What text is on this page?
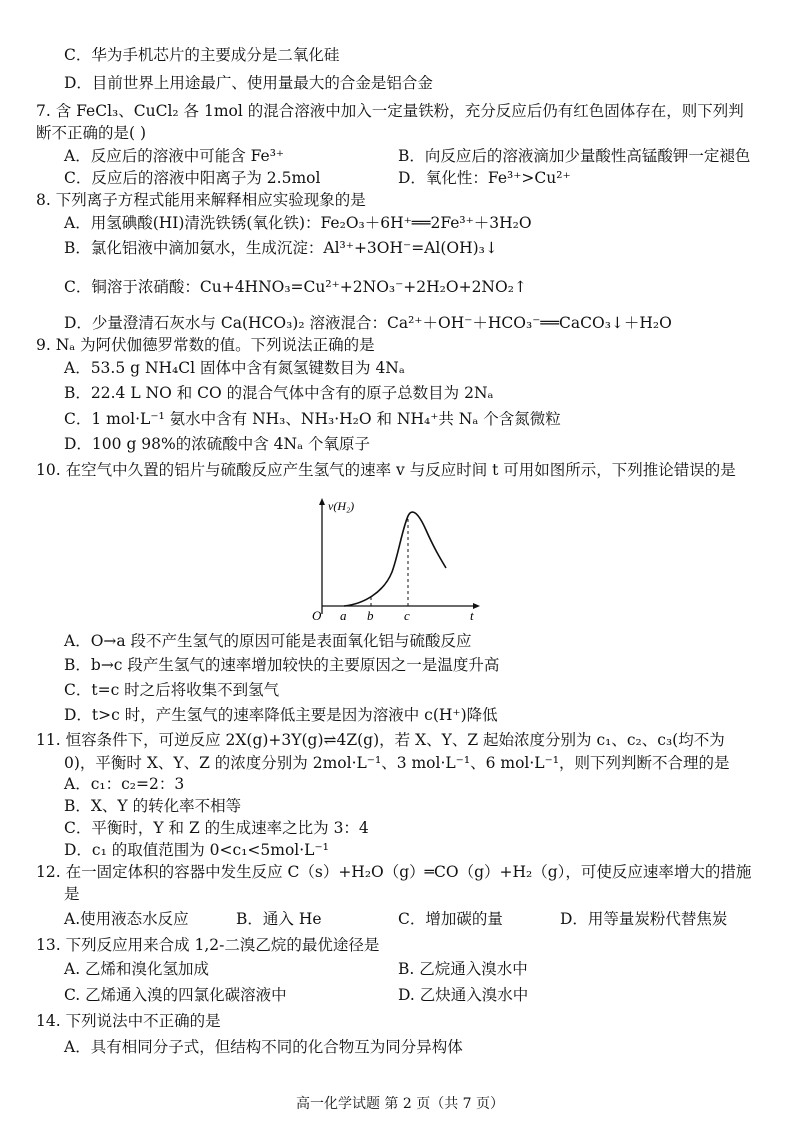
C．华为手机芯片的主要成分是二氧化硅
D．目前世界上用途最广、使用量最大的合金是铝合金
7. 含 FeCl₃、CuCl₂ 各 1mol 的混合溶液中加入一定量铁粉，充分反应后仍有红色固体存在，则下列判
断不正确的是( )
A．反应后的溶液中可能含 Fe³⁺	B．向反应后的溶液滴加少量酸性高锰酸钾一定褪色
C．反应后的溶液中阳离子为 2.5mol	D．氧化性：Fe³⁺>Cu²⁺
8. 下列离子方程式能用来解释相应实验现象的是
A．用氢碘酸(HI)清洗铁锈(氧化铁)：Fe₂O₃＋6H⁺══2Fe³⁺＋3H₂O
B．氯化铝液中滴加氨水，生成沉淀：Al³⁺+3OH⁻=Al(OH)₃↓
C．铜溶于浓硝酸：Cu+4HNO₃=Cu²⁺+2NO₃⁻+2H₂O+2NO₂↑
D．少量澄清石灰水与 Ca(HCO₃)₂ 溶液混合：Ca²⁺＋OH⁻＋HCO₃⁻══CaCO₃↓＋H₂O
9. Nₐ 为阿伏伽德罗常数的值。下列说法正确的是
A．53.5 g NH₄Cl 固体中含有氮氢键数目为 4Nₐ
B．22.4 L NO 和 CO 的混合气体中含有的原子总数目为 2Nₐ
C．1 mol·L⁻¹ 氨水中含有 NH₃、NH₃·H₂O 和 NH₄⁺共 Nₐ 个含氮微粒
D．100 g 98%的浓硫酸中含 4Nₐ 个氧原子
10. 在空气中久置的铝片与硫酸反应产生氢气的速率 v 与反应时间 t 可用如图所示，下列推论错误的是
v(H₂)
O a b c	t
A．O→a 段不产生氢气的原因可能是表面氧化铝与硫酸反应
B．b→c 段产生氢气的速率增加较快的主要原因之一是温度升高
C．t=c 时之后将收集不到氢气
D．t>c 时，产生氢气的速率降低主要是因为溶液中 c(H⁺)降低
11. 恒容条件下，可逆反应 2X(g)+3Y(g)⇌4Z(g)，若 X、Y、Z 起始浓度分别为 c₁、c₂、c₃(均不为
0)，平衡时 X、Y、Z 的浓度分别为 2mol·L⁻¹、3 mol·L⁻¹、6 mol·L⁻¹，则下列判断不合理的是
A．c₁：c₂=2：3
B．X、Y 的转化率不相等
C．平衡时，Y 和 Z 的生成速率之比为 3：4
D．c₁ 的取值范围为 0<c₁<5mol·L⁻¹
12. 在一固定体积的容器中发生反应 C（s）+H₂O（g）═CO（g）+H₂（g），可使反应速率增大的措施
是
A.使用液态水反应	B．通入 He	C．增加碳的量	D．用等量炭粉代替焦炭
13. 下列反应用来合成 1,2-二溴乙烷的最优途径是
A. 乙烯和溴化氢加成	B. 乙烷通入溴水中
C. 乙烯通入溴的四氯化碳溶液中	D. 乙炔通入溴水中
14. 下列说法中不正确的是
A．具有相同分子式，但结构不同的化合物互为同分异构体
高一化学试题 第 2 页（共 7 页）
